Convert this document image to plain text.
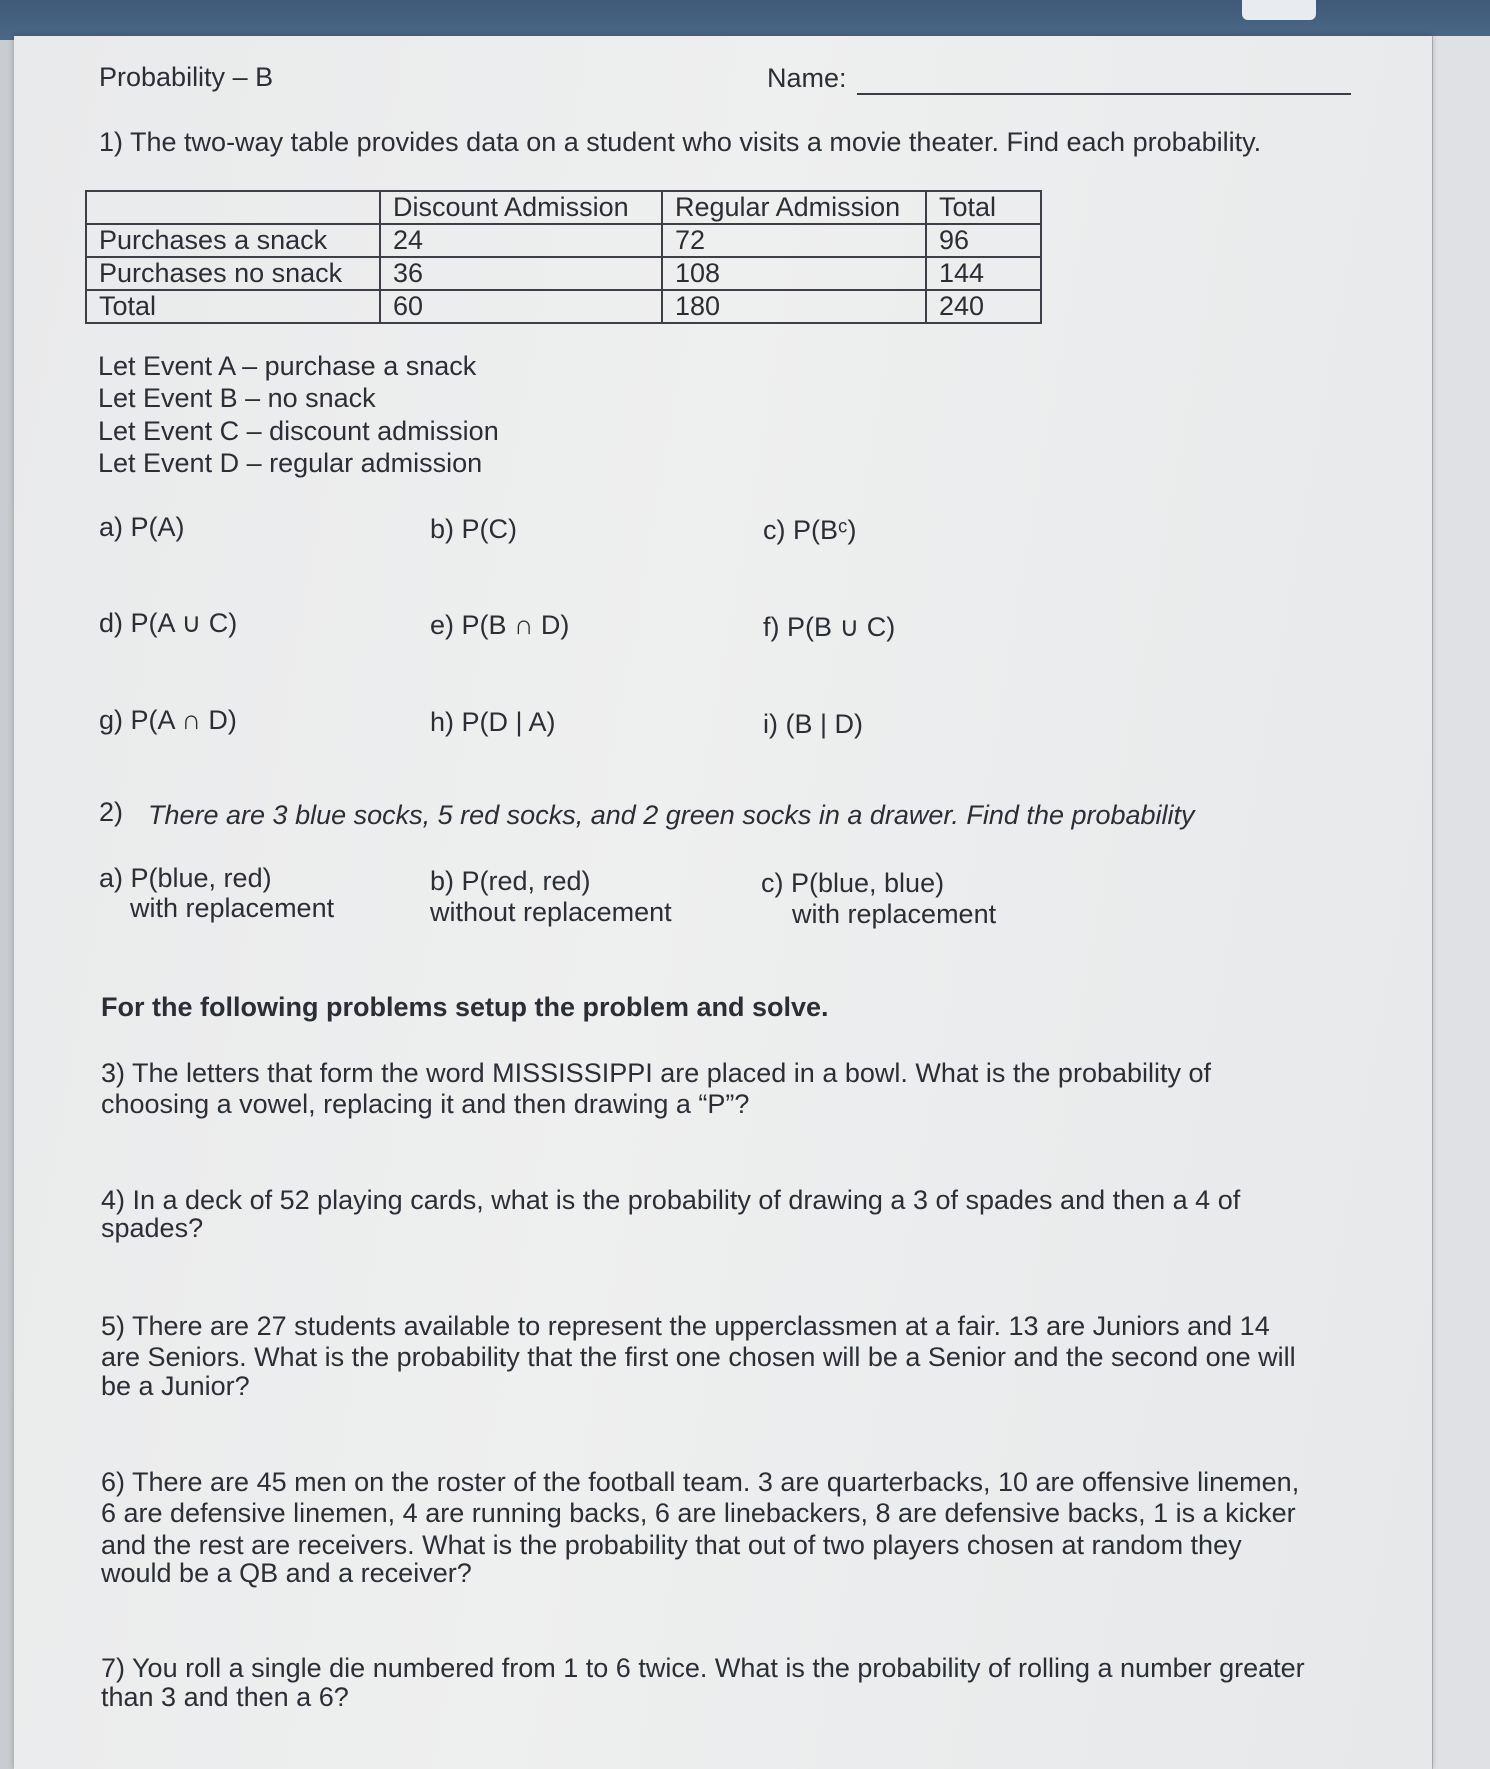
Probability – B	Name:
1) The two-way table provides data on a student who visits a movie theater. Find each probability.
	Discount Admission	Regular Admission	Total
Purchases a snack	24	72	96
Purchases no snack	36	108	144
Total	60	180	240
Let Event A – purchase a snack
Let Event B – no snack
Let Event C – discount admission
Let Event D – regular admission
a) P(A)	b) P(C)	c) P(Bᶜ)
d) P(A ∪ C)	e) P(B ∩ D)	f) P(B ∪ C)
g) P(A ∩ D)	h) P(D | A)	i) (B | D)
2) There are 3 blue socks, 5 red socks, and 2 green socks in a drawer. Find the probability
a) P(blue, red)
with replacement
b) P(red, red)
without replacement
c) P(blue, blue)
with replacement
For the following problems setup the problem and solve.
3) The letters that form the word MISSISSIPPI are placed in a bowl. What is the probability of
choosing a vowel, replacing it and then drawing a “P”?
4) In a deck of 52 playing cards, what is the probability of drawing a 3 of spades and then a 4 of
spades?
5) There are 27 students available to represent the upperclassmen at a fair. 13 are Juniors and 14
are Seniors. What is the probability that the first one chosen will be a Senior and the second one will
be a Junior?
6) There are 45 men on the roster of the football team. 3 are quarterbacks, 10 are offensive linemen,
6 are defensive linemen, 4 are running backs, 6 are linebackers, 8 are defensive backs, 1 is a kicker
and the rest are receivers. What is the probability that out of two players chosen at random they
would be a QB and a receiver?
7) You roll a single die numbered from 1 to 6 twice. What is the probability of rolling a number greater
than 3 and then a 6?
